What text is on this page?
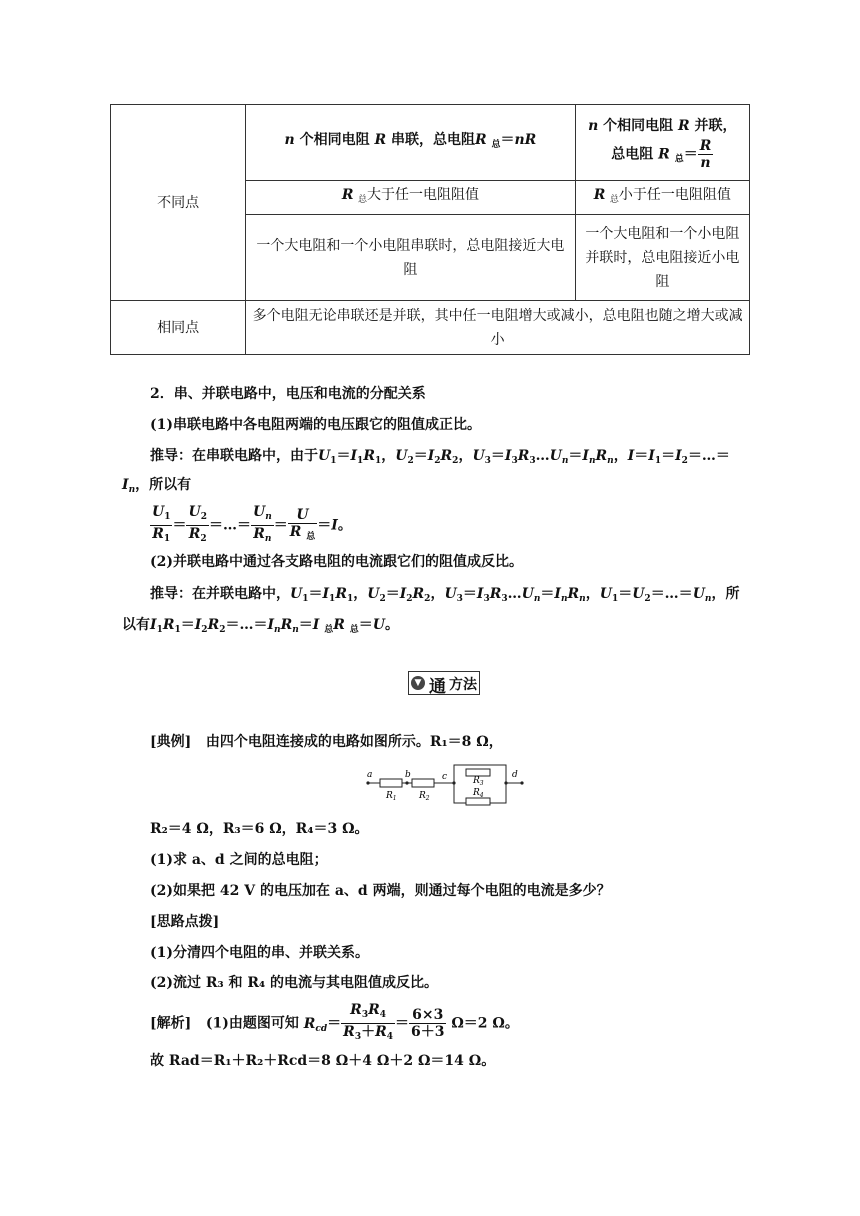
不同点	n 个相同电阻 R 串联，总电阻R $_总$＝nR	n 个相同电阻 R 并联，
总电阻 R $_总= \frac{R}{n}$

	R $_总$大于任一电阻阻值	R $_总$小于任一电阻阻值
	一个大电阻和一个小电阻串联时，总电阻接近大电阻	一个大电阻和一个小电阻并联时，总电阻接近小电阻
相同点	多个电阻无论串联还是并联，其中任一电阻增大或减小，总电阻也随之增大或减小	
2．串、并联电路中，电压和电流的分配关系
(1)串联电路中各电阻两端的电压跟它的阻值成正比。
推导：在串联电路中，由于$U_1=I_1R_1$，$U_2=I_2R_2$，$U_3=I_3R_3\dots U_n=I_nR_n$，$I=I_1=I_2=\dots=$
$I_n$，所以有
$\frac{U_1}{R_1} = \frac{U_2}{R_2}$ ＝…＝ $\frac{U_n}{R_n} = \frac{U}{R _总} =I$。
(2)并联电路中通过各支路电阻的电流跟它们的阻值成反比。
推导：在并联电路中，$U_1=I_1R_1$，$U_2=I_2R_2$，$U_3=I_3R_3\dots U_n=I_nR_n$，$U_1=U_2=\dots=U_n$，所
以有$I_1R_1=I_2R_2=\dots=I_nR_n=I$ $_总$R $_总$＝U。
▼ 通 方法
[典例] 由四个电阻连接成的电路如图所示。R₁＝8 Ω，
a	b	c	d
$R_1$ $R_2$
$R_3$
$R_4$
R₂＝4 Ω，R₃＝6 Ω，R₄＝3 Ω。
(1)求 a、d 之间的总电阻；
(2)如果把 42 V 的电压加在 a、d 两端，则通过每个电阻的电流是多少？
[思路点拨]
(1)分清四个电阻的串、并联关系。
(2)流过 R₃ 和 R₄ 的电流与其电阻值成反比。
[解析] (1)由题图可知 $R_{cd}= \frac{R_3R_4}{R_3+R_4} = \frac{6\times 3}{6+3} \Omega=2$ Ω。
故 Rad＝R₁＋R₂＋Rcd＝8 Ω＋4 Ω＋2 Ω＝14 Ω。
